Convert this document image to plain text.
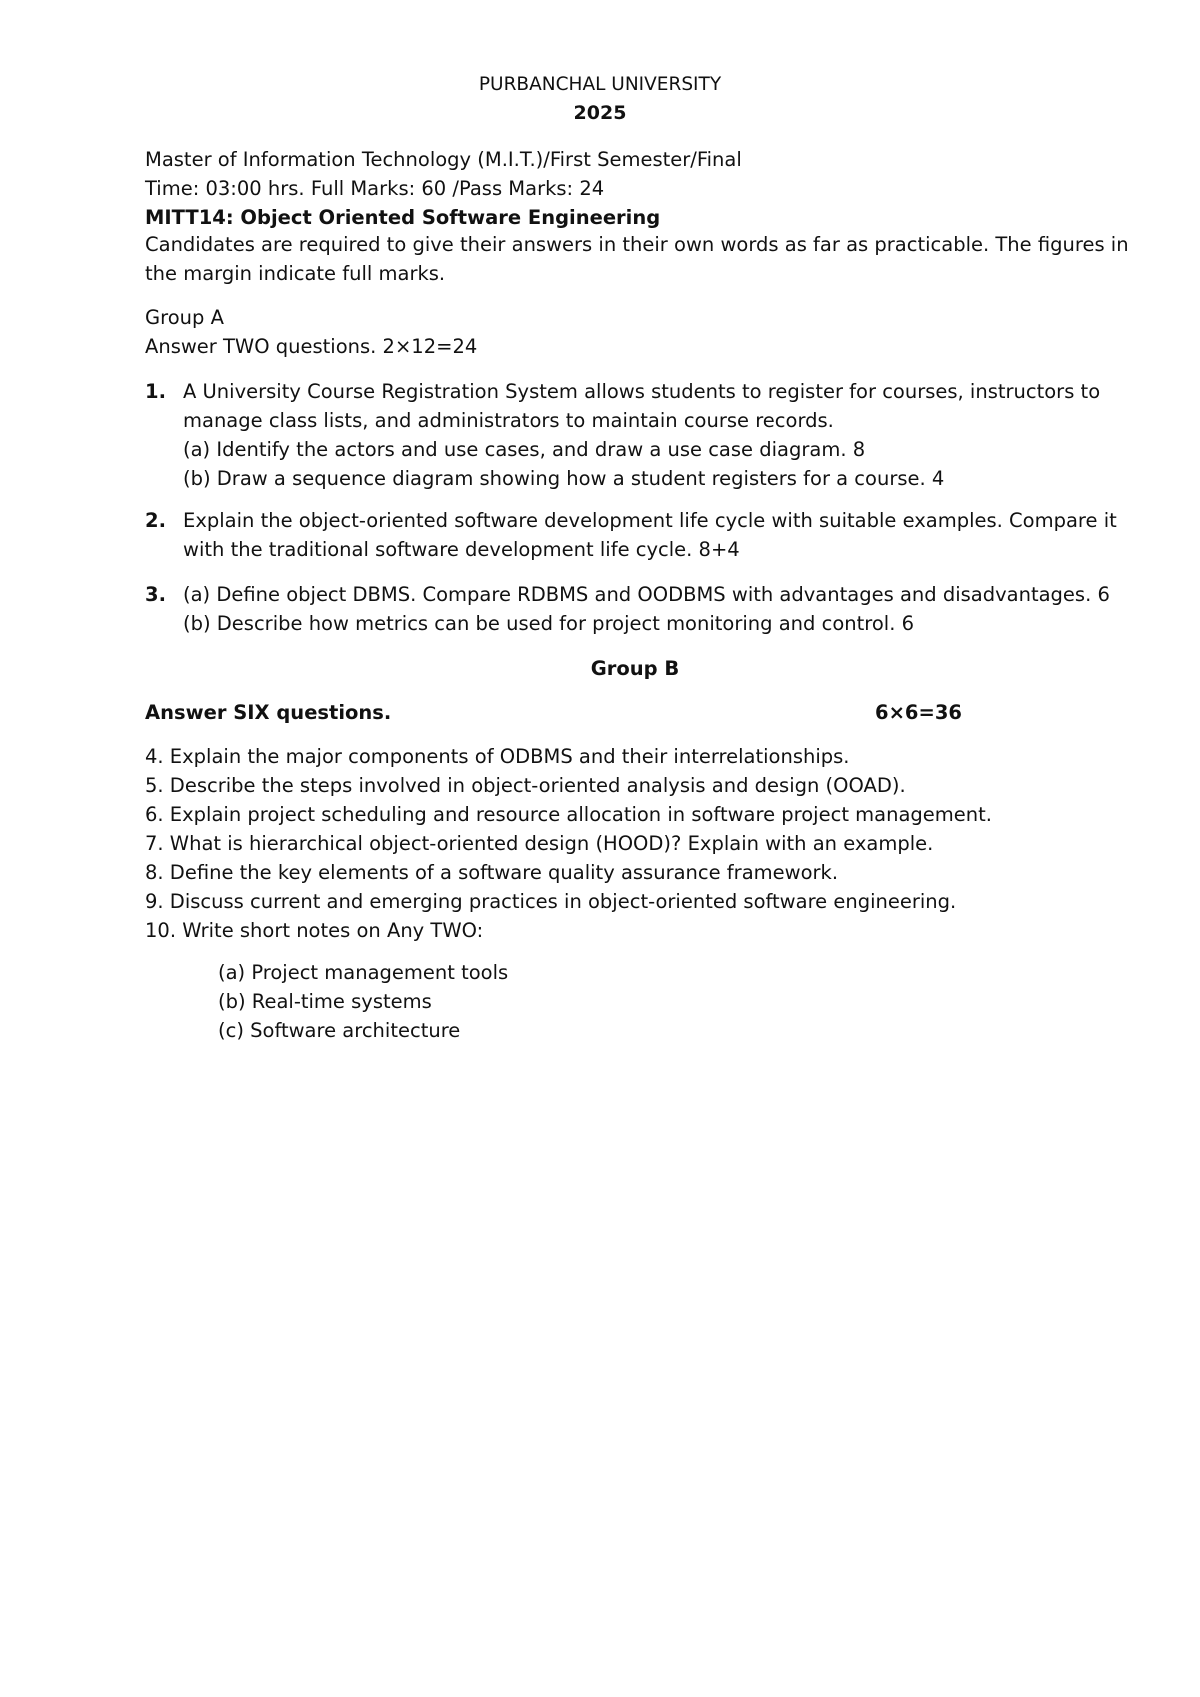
PURBANCHAL UNIVERSITY
2025
Master of Information Technology (M.I.T.)/First Semester/Final
Time: 03:00 hrs. Full Marks: 60 /Pass Marks: 24
MITT14: Object Oriented Software Engineering
Candidates are required to give their answers in their own words as far as practicable. The figures in the margin indicate full marks.
Group A
Answer TWO questions. 2×12=24
1. A University Course Registration System allows students to register for courses, instructors to manage class lists, and administrators to maintain course records.
(a) Identify the actors and use cases, and draw a use case diagram. 8
(b) Draw a sequence diagram showing how a student registers for a course. 4
2. Explain the object-oriented software development life cycle with suitable examples. Compare it with the traditional software development life cycle. 8+4
3. (a) Define object DBMS. Compare RDBMS and OODBMS with advantages and disadvantages. 6
(b) Describe how metrics can be used for project monitoring and control. 6
Group B
Answer SIX questions.	6×6=36
4. Explain the major components of ODBMS and their interrelationships.
5. Describe the steps involved in object-oriented analysis and design (OOAD).
6. Explain project scheduling and resource allocation in software project management.
7. What is hierarchical object-oriented design (HOOD)? Explain with an example.
8. Define the key elements of a software quality assurance framework.
9. Discuss current and emerging practices in object-oriented software engineering.
10. Write short notes on Any TWO:
(a) Project management tools
(b) Real-time systems
(c) Software architecture
